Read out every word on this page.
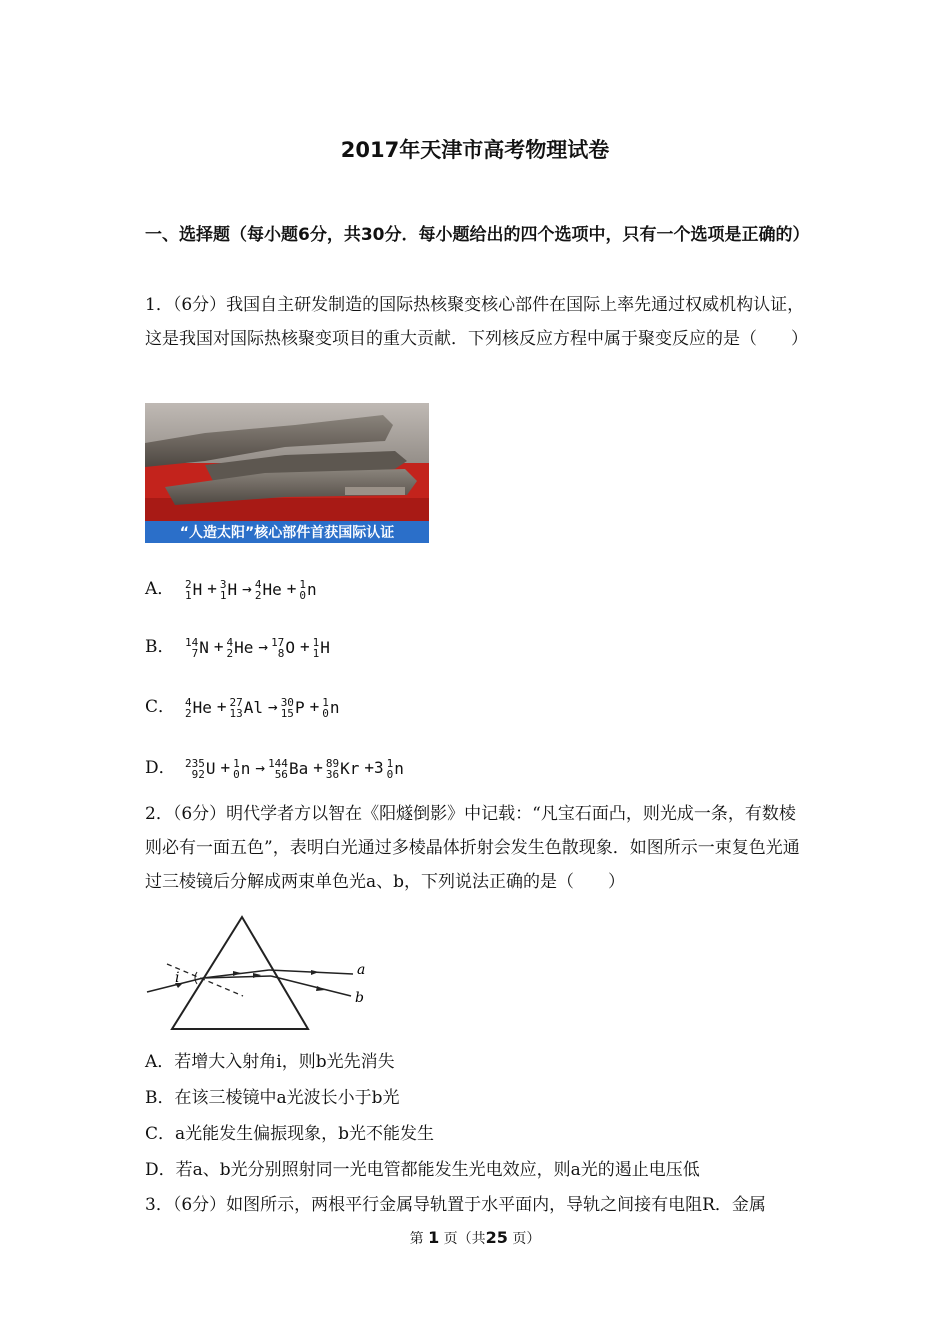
2017年天津市高考物理试卷
一、选择题（每小题6分，共30分．每小题给出的四个选项中，只有一个选项是正确的）
1．（6分）我国自主研发制造的国际热核聚变核心部件在国际上率先通过权威机构认证，这是我国对国际热核聚变项目的重大贡献．下列核反应方程中属于聚变反应的是（　　）
“人造太阳”核心部件首获国际认证
A． 2
1 H + 3
1 H → 4
2 He + 1
0 n
B． 14
7 N + 4
2 He → 17
8 O + 1
1 H
C． 4
2 He + 27
13 Al → 30
15 P + 1
0 n
D． 235
92 U + 1
0 n → 144
56 Ba + 89
36 Kr +3 1
0 n
2．（6分）明代学者方以智在《阳燧倒影》中记载：“凡宝石面凸，则光成一条，有数棱则必有一面五色”，表明白光通过多棱晶体折射会发生色散现象．如图所示一束复色光通过三棱镜后分解成两束单色光a、b，下列说法正确的是（　　）
i	a
b
A．若增大入射角i，则b光先消失
B．在该三棱镜中a光波长小于b光
C．a光能发生偏振现象，b光不能发生
D．若a、b光分别照射同一光电管都能发生光电效应，则a光的遏止电压低
3．（6分）如图所示，两根平行金属导轨置于水平面内，导轨之间接有电阻R．金属
第 1 页（共25 页）
